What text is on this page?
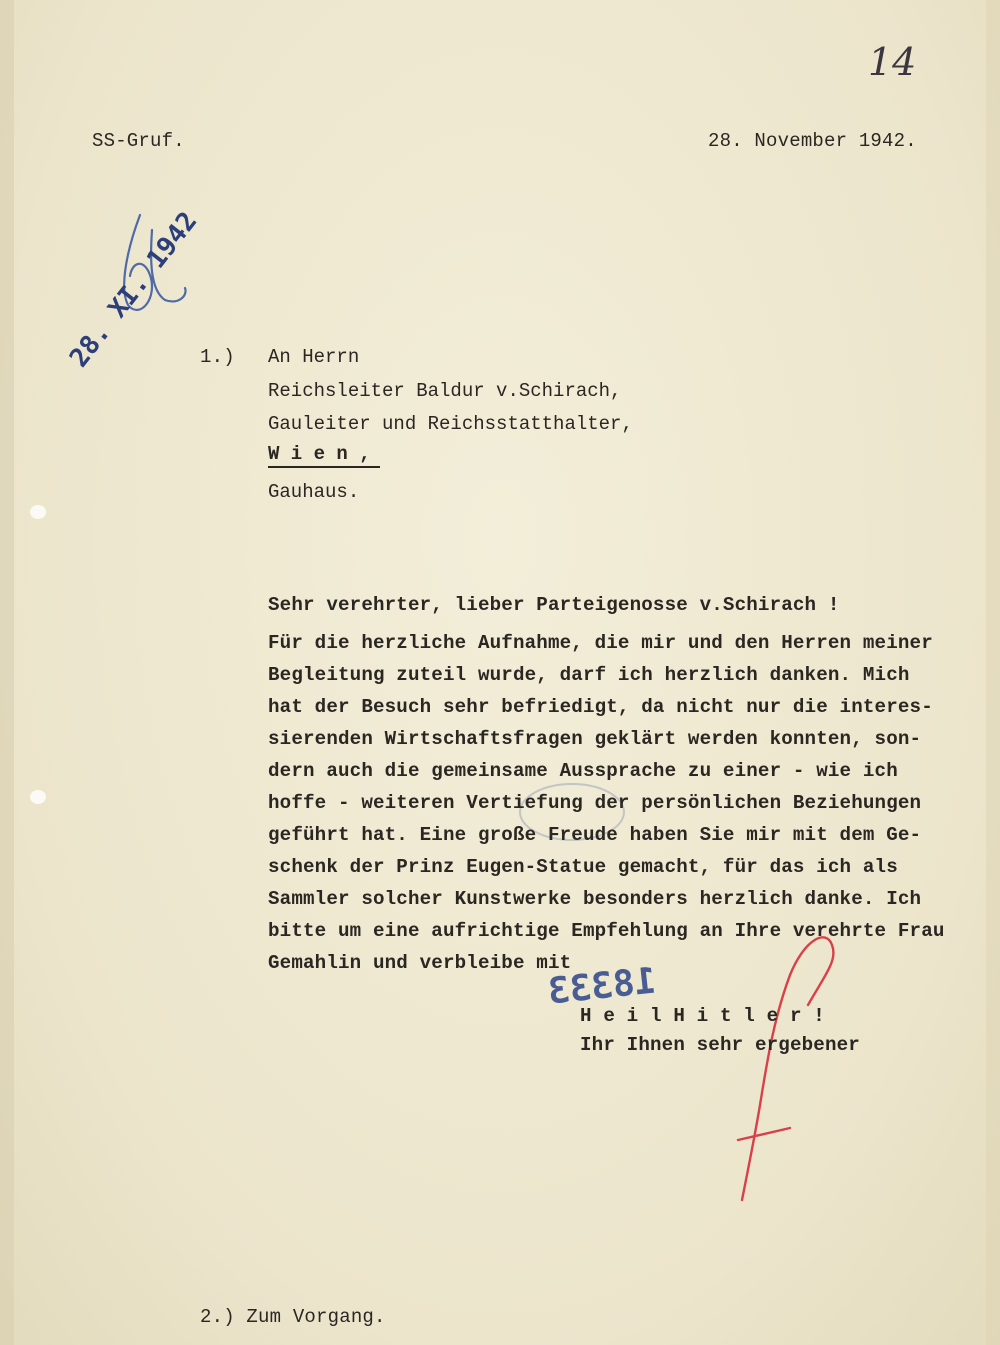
SS-Gruf.	28. November 1942.
14
28. XI. 1942
1.) An Herrn
Reichsleiter Baldur v.Schirach,
Gauleiter und Reichsstatthalter,
W i e n ,
Gauhaus.
Sehr verehrter, lieber Parteigenosse v.Schirach !
Für die herzliche Aufnahme, die mir und den Herren meiner
Begleitung zuteil wurde, darf ich herzlich danken. Mich
hat der Besuch sehr befriedigt, da nicht nur die interes-
sierenden Wirtschaftsfragen geklärt werden konnten, son-
dern auch die gemeinsame Aussprache zu einer - wie ich
hoffe - weiteren Vertiefung der persönlichen Beziehungen
geführt hat. Eine große Freude haben Sie mir mit dem Ge-
schenk der Prinz Eugen-Statue gemacht, für das ich als
Sammler solcher Kunstwerke besonders herzlich danke. Ich
bitte um eine aufrichtige Empfehlung an Ihre verehrte Frau
Gemahlin und verbleibe mit
18333
H e i l H i t l e r !
Ihr Ihnen sehr ergebener
2.) Zum Vorgang.
